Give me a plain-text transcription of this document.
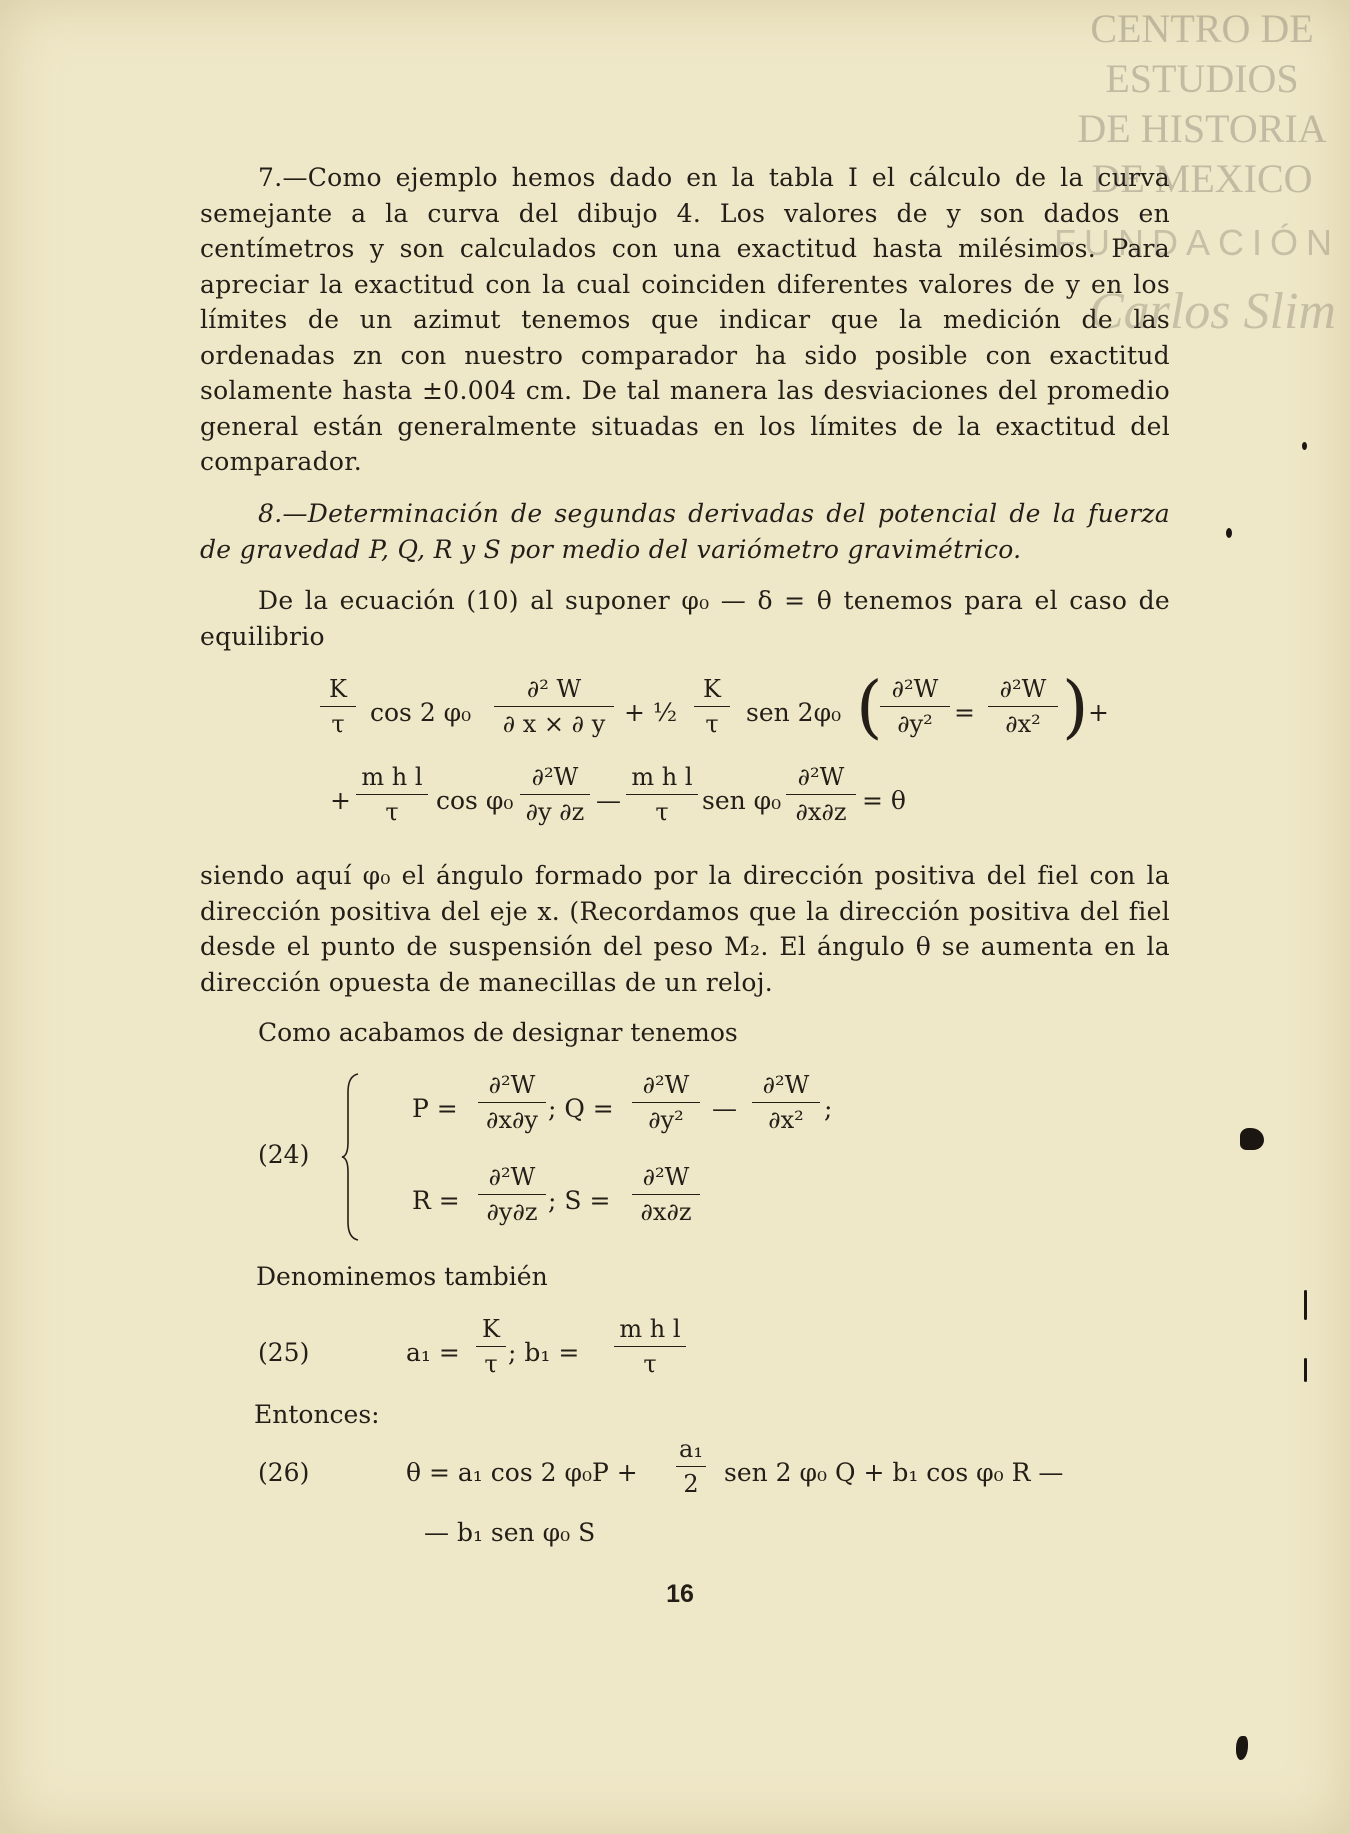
CENTRO DE
ESTUDIOS
DE HISTORIA
DE MEXICO
FUNDACIÓN
Carlos Slim
7.—Como ejemplo hemos dado en la tabla I el cálculo de la curva semejante a la curva del dibujo 4. Los valores de y son dados en centímetros y son calculados con una exactitud hasta milésimos. Para apreciar la exactitud con la cual coinciden diferentes valores de y en los límites de un azimut tenemos que indicar que la medición de las ordenadas zn con nuestro comparador ha sido posible con exactitud solamente hasta ±0.004 cm. De tal manera las desviaciones del promedio general están generalmente situadas en los límites de la exactitud del comparador.
8.—Determinación de segundas derivadas del potencial de la fuerza de gravedad P, Q, R y S por medio del variómetro gravimétrico.
De la ecuación (10) al suponer φ₀ — δ = θ tenemos para el caso de equilibrio
K
τ	cos 2 φ₀
∂² W
∂ x × ∂ y + ½
K
τ	sen 2φ₀ ( ∂²W
∂y² =
∂²W
∂x² ) +
+
m h l
τ	cos φ₀
∂²W
∂y ∂z —
m h l
τ	sen φ₀
∂²W
∂x∂z = θ
siendo aquí φ₀ el ángulo formado por la dirección positiva del fiel con la dirección positiva del eje x. (Recordamos que la dirección positiva del fiel desde el punto de suspensión del peso M₂. El ángulo θ se aumenta en la dirección opuesta de manecillas de un reloj.
Como acabamos de designar tenemos
(24)
P =
∂²W
∂x∂y ; Q =
∂²W
∂y²	—
∂²W
∂x² ;
R =
∂²W
∂y∂z ; S =
∂²W
∂x∂z
Denominemos también
(25)	a₁ =
K
τ ; b₁ =
m h l
τ
Entonces:
(26)	θ = a₁ cos 2 φ₀P +
a₁
2 sen 2 φ₀ Q + b₁ cos φ₀ R —
— b₁ sen φ₀ S
16
